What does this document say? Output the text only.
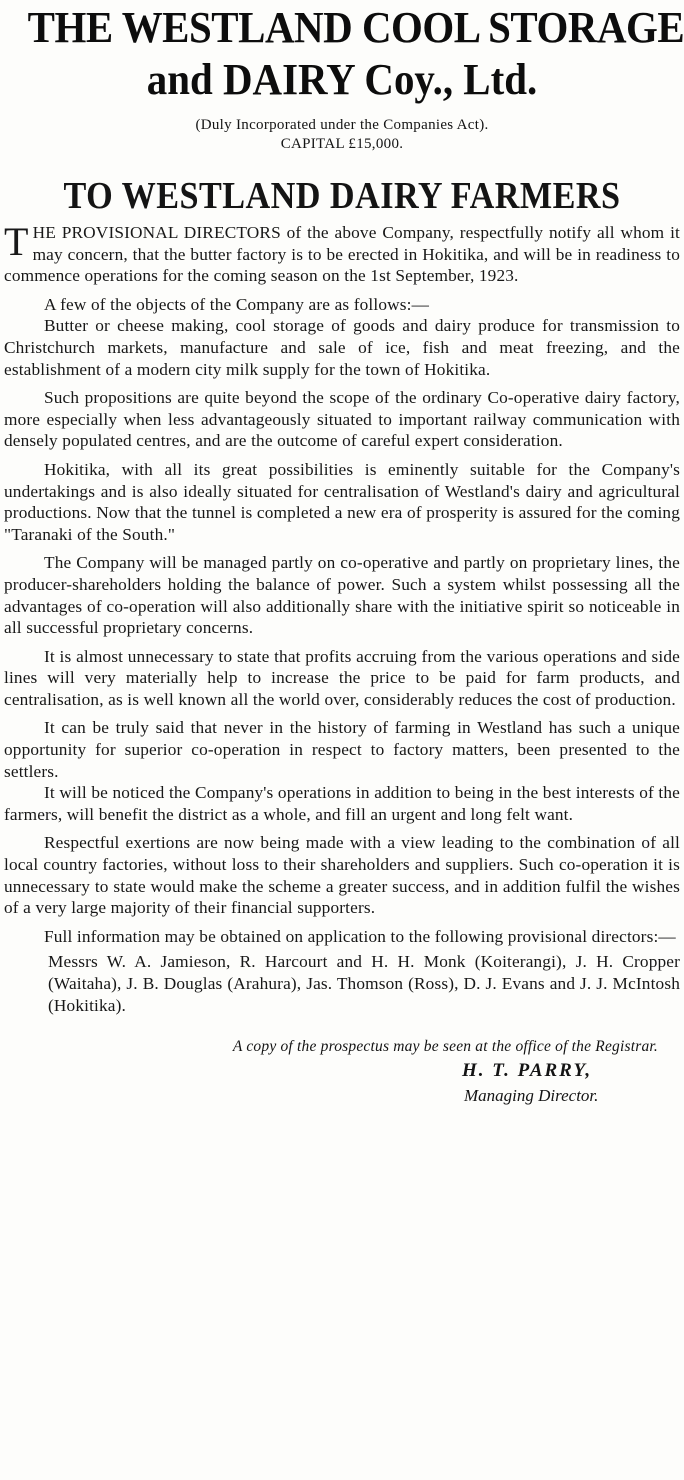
THE WESTLAND COOL STORAGE
and DAIRY Coy., Ltd.

(Duly Incorporated under the Companies Act).

CAPITAL £15,000.

TO WESTLAND DAIRY FARMERS

THE PROVISIONAL DIRECTORS of the above Company, respectfully notify all whom it may concern, that the butter factory is to be erected in Hokitika, and will be in readiness to commence operations for the coming season on the 1st September, 1923.

A few of the objects of the Company are as follows:—

Butter or cheese making, cool storage of goods and dairy produce for transmission to Christchurch markets, manufacture and sale of ice, fish and meat freezing, and the establishment of a modern city milk supply for the town of Hokitika.

Such propositions are quite beyond the scope of the ordinary Co-operative dairy factory, more especially when less advantageously situated to important railway communication with densely populated centres, and are the outcome of careful expert consideration.

Hokitika, with all its great possibilities is eminently suitable for the Company's undertakings and is also ideally situated for centralisation of Westland's dairy and agricultural productions. Now that the tunnel is completed a new era of prosperity is assured for the coming "Taranaki of the South."

The Company will be managed partly on co-operative and partly on proprietary lines, the producer-shareholders holding the balance of power. Such a system whilst possessing all the advantages of co-operation will also additionally share with the initiative spirit so noticeable in all successful proprietary concerns.

It is almost unnecessary to state that profits accruing from the various operations and side lines will very materially help to increase the price to be paid for farm products, and centralisation, as is well known all the world over, considerably reduces the cost of production.

It can be truly said that never in the history of farming in Westland has such a unique opportunity for superior co-operation in respect to factory matters, been presented to the settlers.

It will be noticed the Company's operations in addition to being in the best interests of the farmers, will benefit the district as a whole, and fill an urgent and long felt want.

Respectful exertions are now being made with a view leading to the combination of all local country factories, without loss to their shareholders and suppliers. Such co-operation it is unnecessary to state would make the scheme a greater success, and in addition fulfil the wishes of a very large majority of their financial supporters.

Full information may be obtained on application to the following provisional directors:—

Messrs W. A. Jamieson, R. Harcourt and H. H. Monk (Koiterangi), J. H. Cropper (Waitaha), J. B. Douglas (Arahura), Jas. Thomson (Ross), D. J. Evans and J. J. McIntosh (Hokitika).
A copy of the prospectus may be seen at the office of the Registrar.
H. T. PARRY,
Managing Director.
